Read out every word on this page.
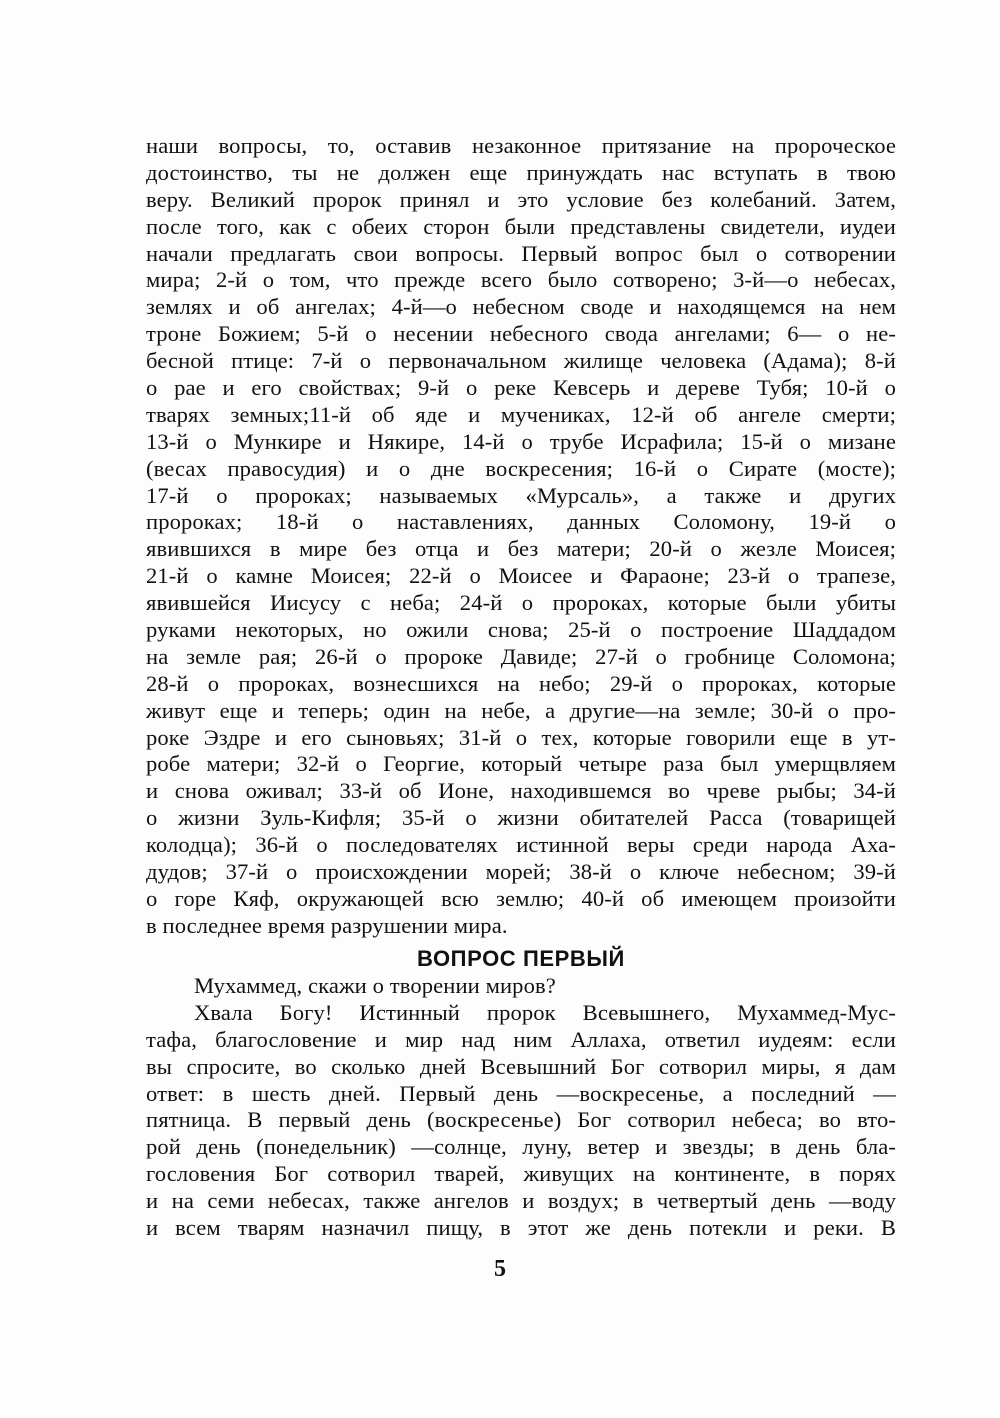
наши вопросы, то, оставив незаконное притязание на пророческое
достоинство, ты не должен еще принуждать нас вступать в твою
веру. Великий пророк принял и это условие без колебаний. Затем,
после того, как с обеих сторон были представлены свидетели, иудеи
начали предлагать свои вопросы. Первый вопрос был о сотворении
мира; 2-й о том, что прежде всего было сотворено; 3-й—о небесах,
землях и об ангелах; 4-й—о небесном своде и находящемся на нем
троне Божием; 5-й о несении небесного свода ангелами; 6— о не-
бесной птице: 7-й о первоначальном жилище человека (Адама); 8-й
о рае и его свойствах; 9-й о реке Кевсерь и дереве Тубя; 10-й о
тварях земных;11-й об яде и мучениках, 12-й об ангеле смерти;
13-й о Мункире и Някире, 14-й о трубе Исрафила; 15-й о мизане
(весах правосудия) и о дне воскресения; 16-й о Сирате (мосте);
17-й о пророках; называемых «Мурсаль», а также и других
пророках; 18-й о наставлениях, данных Соломону, 19-й о
явившихся в мире без отца и без матери; 20-й о жезле Моисея;
21-й о камне Моисея; 22-й о Моисее и Фараоне; 23-й о трапезе,
явившейся Иисусу с неба; 24-й о пророках, которые были убиты
руками некоторых, но ожили снова; 25-й о построение Шаддадом
на земле рая; 26-й о пророке Давиде; 27-й о гробнице Соломона;
28-й о пророках, вознесшихся на небо; 29-й о пророках, которые
живут еще и теперь; один на небе, а другие—на земле; 30-й о про-
роке Эздре и его сыновьях; 31-й о тех, которые говорили еще в ут-
робе матери; 32-й о Георгие, который четыре раза был умерщвляем
и снова оживал; 33-й об Ионе, находившемся во чреве рыбы; 34-й
о жизни Зуль-Кифля; 35-й о жизни обитателей Расса (товарищей
колодца); 36-й о последователях истинной веры среди народа Аха-
дудов; 37-й о происхождении морей; 38-й о ключе небесном; 39-й
о горе Кяф, окружающей всю землю; 40-й об имеющем произойти
в последнее время разрушении мира.
ВОПРОС ПЕРВЫЙ
Мухаммед, скажи о творении миров?
Хвала Богу! Истинный пророк Всевышнего, Мухаммед-Мус-
тафа, благословение и мир над ним Аллаха, ответил иудеям: если
вы спросите, во сколько дней Всевышний Бог сотворил миры, я дам
ответ: в шесть дней. Первый день —воскресенье, а последний —
пятница. В первый день (воскресенье) Бог сотворил небеса; во вто-
рой день (понедельник) —солнце, луну, ветер и звезды; в день бла-
гословения Бог сотворил тварей, живущих на континенте, в порях
и на семи небесах, также ангелов и воздух; в четвертый день —воду
и всем тварям назначил пищу, в этот же день потекли и реки. В
5
